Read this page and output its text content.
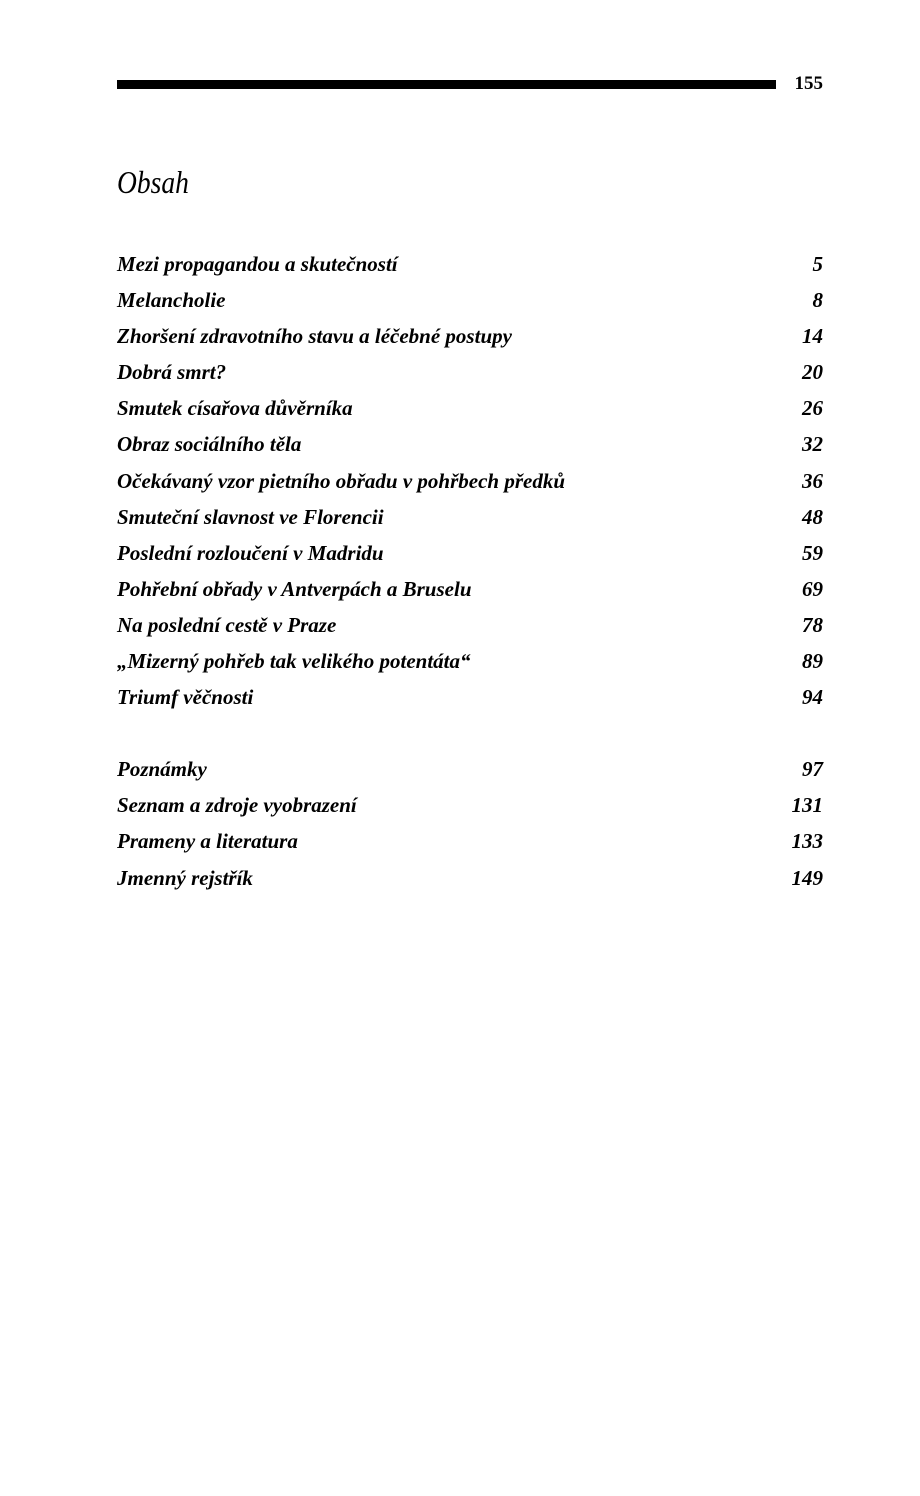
155
Obsah
Mezi propagandou a skutečností	5
Melancholie	8
Zhoršení zdravotního stavu a léčebné postupy	14
Dobrá smrt?	20
Smutek císařova důvěrníka	26
Obraz sociálního těla	32
Očekávaný vzor pietního obřadu v pohřbech předků	36
Smuteční slavnost ve Florencii	48
Poslední rozloučení v Madridu	59
Pohřební obřady v Antverpách a Bruselu	69
Na poslední cestě v Praze	78
„Mizerný pohřeb tak velikého potentáta“	89
Triumf věčnosti	94
Poznámky	97
Seznam a zdroje vyobrazení	131
Prameny a literatura	133
Jmenný rejstřík	149
